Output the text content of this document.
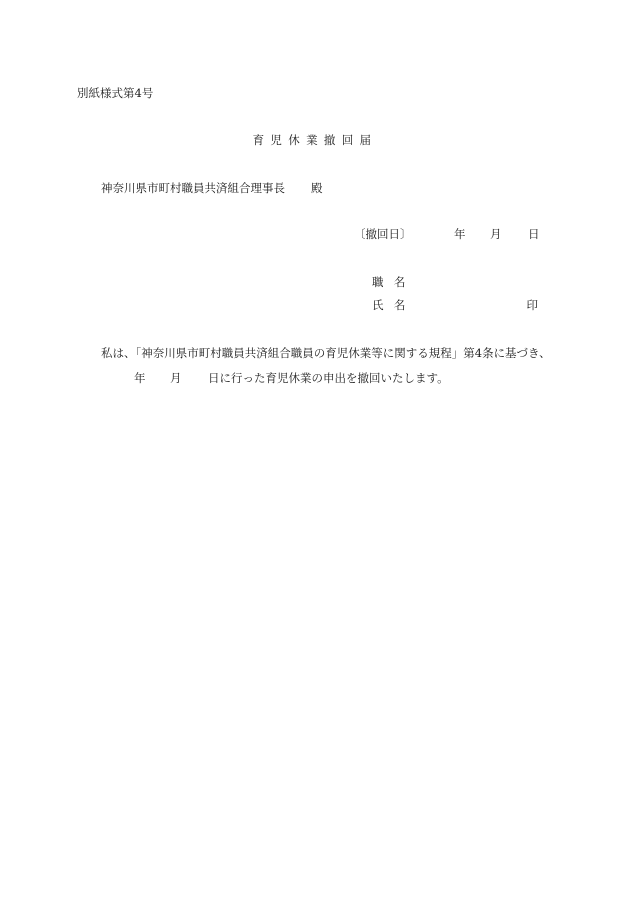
別紙様式第4号
育児休業撤回届
神奈川県市町村職員共済組合理事長 殿
〔撤回日〕	年 月 日
職名
氏名	印
私は、「神奈川県市町村職員共済組合職員の育児休業等に関する規程」第4条に基づき、
年 月 日に行った育児休業の申出を撤回いたします。
